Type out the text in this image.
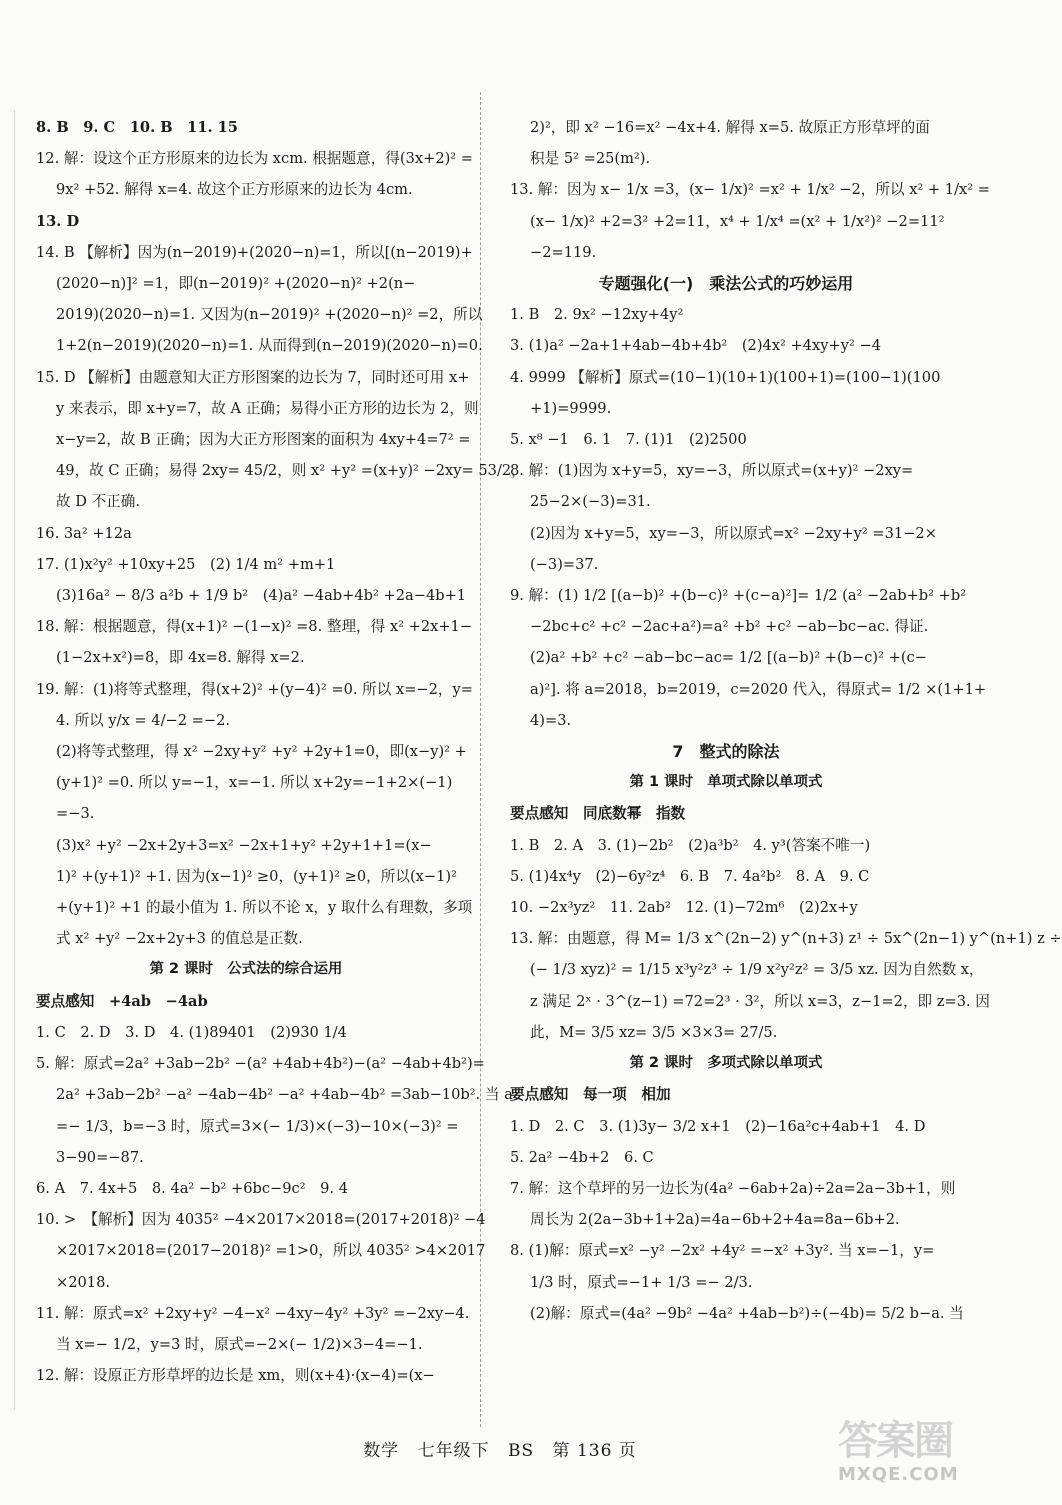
8. B　9. C　10. B　11. 15
12. 解：设这个正方形原来的边长为 xcm. 根据题意，得(3x+2)² =
9x² +52. 解得 x=4. 故这个正方形原来的边长为 4cm.
13. D
14. B 【解析】因为(n−2019)+(2020−n)=1，所以[(n−2019)+
(2020−n)]² =1，即(n−2019)² +(2020−n)² +2(n−
2019)(2020−n)=1. 又因为(n−2019)² +(2020−n)² =2，所以
1+2(n−2019)(2020−n)=1. 从而得到(n−2019)(2020−n)=0.
15. D 【解析】由题意知大正方形图案的边长为 7，同时还可用 x+
y 来表示，即 x+y=7，故 A 正确；易得小正方形的边长为 2，则
x−y=2，故 B 正确；因为大正方形图案的面积为 4xy+4=7² =
49，故 C 正确；易得 2xy= 45/2，则 x² +y² =(x+y)² −2xy= 53/2，
故 D 不正确.
16. 3a² +12a
17. (1)x²y² +10xy+25　(2) 1/4 m² +m+1
(3)16a² − 8/3 a²b + 1/9 b²　(4)a² −4ab+4b² +2a−4b+1
18. 解：根据题意，得(x+1)² −(1−x)² =8. 整理，得 x² +2x+1−
(1−2x+x²)=8，即 4x=8. 解得 x=2.
19. 解：(1)将等式整理，得(x+2)² +(y−4)² =0. 所以 x=−2，y=
4. 所以 y/x = 4/−2 =−2.
(2)将等式整理，得 x² −2xy+y² +y² +2y+1=0，即(x−y)² +
(y+1)² =0. 所以 y=−1，x=−1. 所以 x+2y=−1+2×(−1)
=−3.
(3)x² +y² −2x+2y+3=x² −2x+1+y² +2y+1+1=(x−
1)² +(y+1)² +1. 因为(x−1)² ≥0，(y+1)² ≥0，所以(x−1)²
+(y+1)² +1 的最小值为 1. 所以不论 x，y 取什么有理数，多项
式 x² +y² −2x+2y+3 的值总是正数.
第 2 课时　公式法的综合运用
要点感知　+4ab　−4ab
1. C　2. D　3. D　4. (1)89401　(2)930 1/4
5. 解：原式=2a² +3ab−2b² −(a² +4ab+4b²)−(a² −4ab+4b²)=
2a² +3ab−2b² −a² −4ab−4b² −a² +4ab−4b² =3ab−10b². 当 a
=− 1/3，b=−3 时，原式=3×(− 1/3)×(−3)−10×(−3)² =
3−90=−87.
6. A　7. 4x+5　8. 4a² −b² +6bc−9c²　9. 4
10. >　【解析】因为 4035² −4×2017×2018=(2017+2018)² −4
×2017×2018=(2017−2018)² =1>0，所以 4035² >4×2017
×2018.
11. 解：原式=x² +2xy+y² −4−x² −4xy−4y² +3y² =−2xy−4.
当 x=− 1/2，y=3 时，原式=−2×(− 1/2)×3−4=−1.
12. 解：设原正方形草坪的边长是 xm，则(x+4)·(x−4)=(x−
2)²，即 x² −16=x² −4x+4. 解得 x=5. 故原正方形草坪的面
积是 5² =25(m²).
13. 解：因为 x− 1/x =3，(x− 1/x)² =x² + 1/x² −2，所以 x² + 1/x² =
(x− 1/x)² +2=3² +2=11，x⁴ + 1/x⁴ =(x² + 1/x²)² −2=11²
−2=119.
专题强化(一)　乘法公式的巧妙运用
1. B　2. 9x² −12xy+4y²
3. (1)a² −2a+1+4ab−4b+4b²　(2)4x² +4xy+y² −4
4. 9999 【解析】原式=(10−1)(10+1)(100+1)=(100−1)(100
+1)=9999.
5. x⁸ −1　6. 1　7. (1)1　(2)2500
8. 解：(1)因为 x+y=5，xy=−3，所以原式=(x+y)² −2xy=
25−2×(−3)=31.
(2)因为 x+y=5，xy=−3，所以原式=x² −2xy+y² =31−2×
(−3)=37.
9. 解：(1) 1/2 [(a−b)² +(b−c)² +(c−a)²]= 1/2 (a² −2ab+b² +b²
−2bc+c² +c² −2ac+a²)=a² +b² +c² −ab−bc−ac. 得证.
(2)a² +b² +c² −ab−bc−ac= 1/2 [(a−b)² +(b−c)² +(c−
a)²]. 将 a=2018，b=2019，c=2020 代入，得原式= 1/2 ×(1+1+
4)=3.
7　整式的除法
第 1 课时　单项式除以单项式
要点感知　同底数幂　指数
1. B　2. A　3. (1)−2b²　(2)a³b²　4. y³(答案不唯一)
5. (1)4x⁴y　(2)−6y²z⁴　6. B　7. 4a²b²　8. A　9. C
10. −2x³yz²　11. 2ab²　12. (1)−72m⁶　(2)2x+y
13. 解：由题意，得 M= 1/3 x^(2n−2) y^(n+3) z¹ ÷ 5x^(2n−1) y^(n+1) z ÷
(− 1/3 xyz)² = 1/15 x³y²z³ ÷ 1/9 x²y²z² = 3/5 xz. 因为自然数 x，
z 满足 2ˣ · 3^(z−1) =72=2³ · 3²，所以 x=3，z−1=2，即 z=3. 因
此，M= 3/5 xz= 3/5 ×3×3= 27/5.
第 2 课时　多项式除以单项式
要点感知　每一项　相加
1. D　2. C　3. (1)3y− 3/2 x+1　(2)−16a²c+4ab+1　4. D
5. 2a² −4b+2　6. C
7. 解：这个草坪的另一边长为(4a² −6ab+2a)÷2a=2a−3b+1，则
周长为 2(2a−3b+1+2a)=4a−6b+2+4a=8a−6b+2.
8. (1)解：原式=x² −y² −2x² +4y² =−x² +3y². 当 x=−1，y=
1/3 时，原式=−1+ 1/3 =− 2/3.
(2)解：原式=(4a² −9b² −4a² +4ab−b²)÷(−4b)= 5/2 b−a. 当
数学 七年级下 BS 第 136 页	答案圈
MXQE.COM
